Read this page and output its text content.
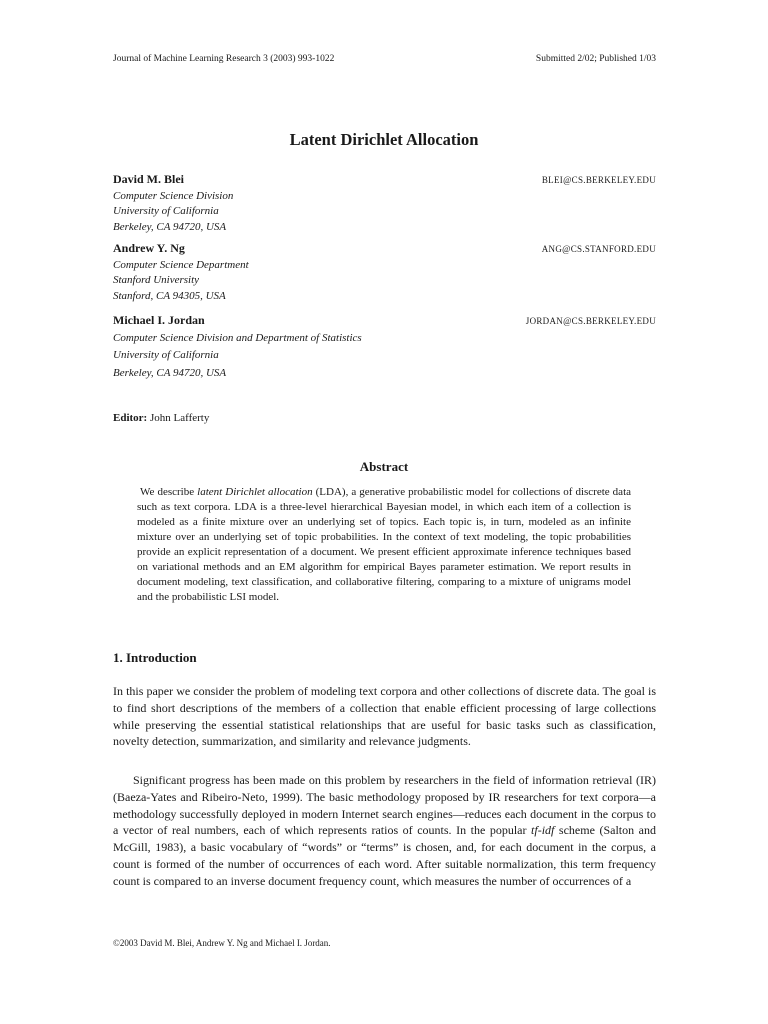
Journal of Machine Learning Research 3 (2003) 993-1022	Submitted 2/02; Published 1/03
Latent Dirichlet Allocation
David M. Blei	BLEI@CS.BERKELEY.EDU
Computer Science Division
University of California
Berkeley, CA 94720, USA
Andrew Y. Ng	ANG@CS.STANFORD.EDU
Computer Science Department
Stanford University
Stanford, CA 94305, USA
Michael I. Jordan	JORDAN@CS.BERKELEY.EDU
Computer Science Division and Department of Statistics
University of California
Berkeley, CA 94720, USA
Editor: John Lafferty
Abstract
We describe latent Dirichlet allocation (LDA), a generative probabilistic model for collections of discrete data such as text corpora. LDA is a three-level hierarchical Bayesian model, in which each item of a collection is modeled as a finite mixture over an underlying set of topics. Each topic is, in turn, modeled as an infinite mixture over an underlying set of topic probabilities. In the context of text modeling, the topic probabilities provide an explicit representation of a document. We present efficient approximate inference techniques based on variational methods and an EM algorithm for empirical Bayes parameter estimation. We report results in document modeling, text classification, and collaborative filtering, comparing to a mixture of unigrams model and the probabilistic LSI model.
1. Introduction
In this paper we consider the problem of modeling text corpora and other collections of discrete data. The goal is to find short descriptions of the members of a collection that enable efficient processing of large collections while preserving the essential statistical relationships that are useful for basic tasks such as classification, novelty detection, summarization, and similarity and relevance judgments.
Significant progress has been made on this problem by researchers in the field of information retrieval (IR) (Baeza-Yates and Ribeiro-Neto, 1999). The basic methodology proposed by IR researchers for text corpora—a methodology successfully deployed in modern Internet search engines—reduces each document in the corpus to a vector of real numbers, each of which represents ratios of counts. In the popular tf-idf scheme (Salton and McGill, 1983), a basic vocabulary of “words” or “terms” is chosen, and, for each document in the corpus, a count is formed of the number of occurrences of each word. After suitable normalization, this term frequency count is compared to an inverse document frequency count, which measures the number of occurrences of a
©2003 David M. Blei, Andrew Y. Ng and Michael I. Jordan.
